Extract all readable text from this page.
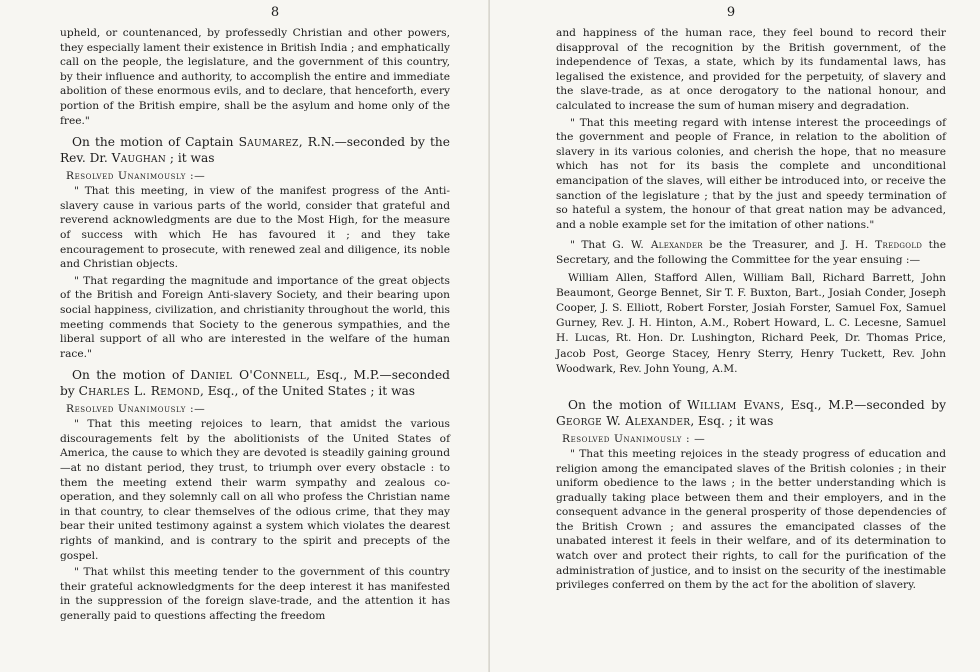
8

upheld, or countenanced, by professedly Christian and other powers, they especially lament their existence in British India ; and emphatically call on the people, the legislature, and the government of this country, by their influence and authority, to accomplish the entire and immediate abolition of these enormous evils, and to declare, that henceforth, every portion of the British empire, shall be the asylum and home only of the free."

On the motion of Captain Saumarez, R.N.—seconded by the Rev. Dr. Vaughan ; it was

Resolved Unanimously :—

" That this meeting, in view of the manifest progress of the Anti-slavery cause in various parts of the world, consider that grateful and reverend acknowledgments are due to the Most High, for the measure of success with which He has favoured it ; and they take encouragement to prosecute, with renewed zeal and diligence, its noble and Christian objects.

" That regarding the magnitude and importance of the great objects of the British and Foreign Anti-slavery Society, and their bearing upon social happiness, civilization, and christianity throughout the world, this meeting commends that Society to the generous sympathies, and the liberal support of all who are interested in the welfare of the human race."

On the motion of Daniel O'Connell, Esq., M.P.—seconded by Charles L. Remond, Esq., of the United States ; it was

Resolved Unanimously :—

" That this meeting rejoices to learn, that amidst the various discouragements felt by the abolitionists of the United States of America, the cause to which they are devoted is steadily gaining ground—at no distant period, they trust, to triumph over every obstacle : to them the meeting extend their warm sympathy and zealous co-operation, and they solemnly call on all who profess the Christian name in that country, to clear themselves of the odious crime, that they may bear their united testimony against a system which violates the dearest rights of mankind, and is contrary to the spirit and precepts of the gospel.

" That whilst this meeting tender to the government of this country their grateful acknowledgments for the deep interest it has manifested in the suppression of the foreign slave-trade, and the attention it has generally paid to questions affecting the freedom

9

and happiness of the human race, they feel bound to record their disapproval of the recognition by the British government, of the independence of Texas, a state, which by its fundamental laws, has legalised the existence, and provided for the perpetuity, of slavery and the slave-trade, as at once derogatory to the national honour, and calculated to increase the sum of human misery and degradation.

" That this meeting regard with intense interest the proceedings of the government and people of France, in relation to the abolition of slavery in its various colonies, and cherish the hope, that no measure which has not for its basis the complete and unconditional emancipation of the slaves, will either be introduced into, or receive the sanction of the legislature ; that by the just and speedy termination of so hateful a system, the honour of that great nation may be advanced, and a noble example set for the imitation of other nations."

" That G. W. Alexander be the Treasurer, and J. H. Tredgold the Secretary, and the following the Committee for the year ensuing :—

William Allen, Stafford Allen, William Ball, Richard Barrett, John Beaumont, George Bennet, Sir T. F. Buxton, Bart., Josiah Conder, Joseph Cooper, J. S. Elliott, Robert Forster, Josiah Forster, Samuel Fox, Samuel Gurney, Rev. J. H. Hinton, A.M., Robert Howard, L. C. Lecesne, Samuel H. Lucas, Rt. Hon. Dr. Lushington, Richard Peek, Dr. Thomas Price, Jacob Post, George Stacey, Henry Sterry, Henry Tuckett, Rev. John Woodwark, Rev. John Young, A.M.

On the motion of William Evans, Esq., M.P.—seconded by George W. Alexander, Esq. ; it was

Resolved Unanimously : —

" That this meeting rejoices in the steady progress of education and religion among the emancipated slaves of the British colonies ; in their uniform obedience to the laws ; in the better understanding which is gradually taking place between them and their employers, and in the consequent advance in the general prosperity of those dependencies of the British Crown ; and assures the emancipated classes of the unabated interest it feels in their welfare, and of its determination to watch over and protect their rights, to call for the purification of the administration of justice, and to insist on the security of the inestimable privileges conferred on them by the act for the abolition of slavery.
